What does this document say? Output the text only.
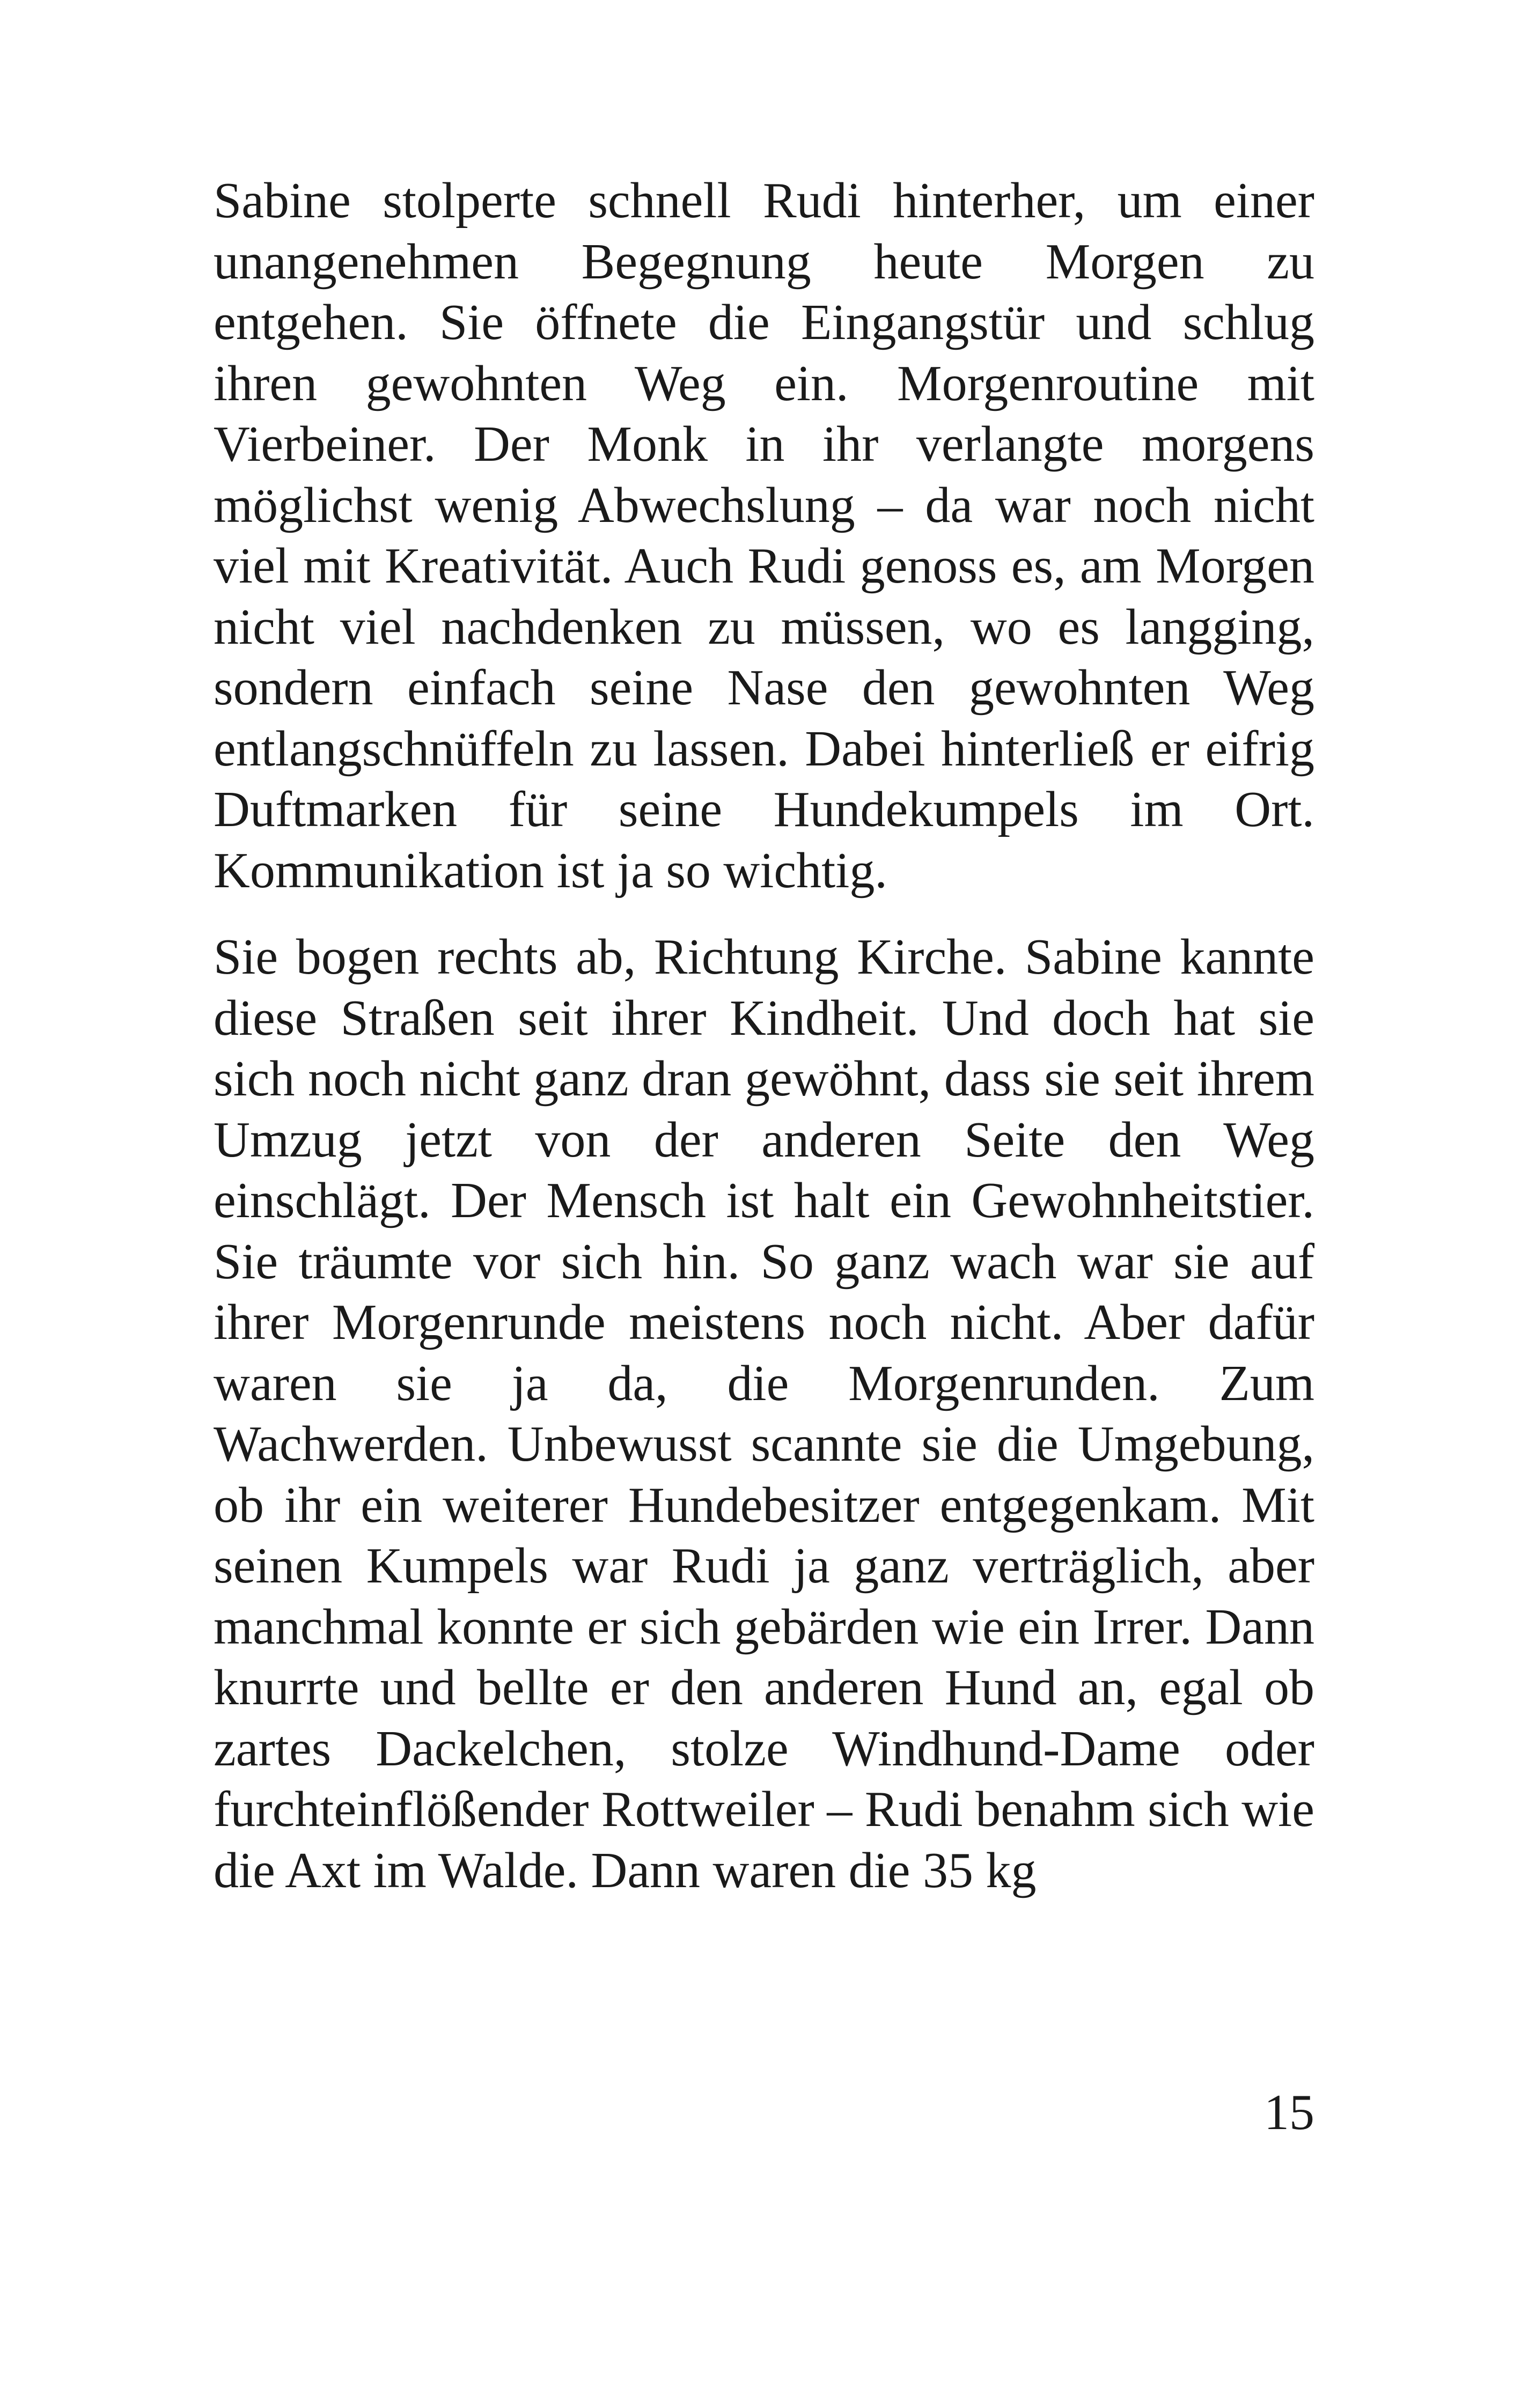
Sabine stolperte schnell Rudi hinterher, um einer unangenehmen Begegnung heute Morgen zu entgehen. Sie öffnete die Eingangstür und schlug ihren gewohnten Weg ein. Morgenroutine mit Vierbeiner. Der Monk in ihr verlangte morgens möglichst wenig Abwechslung – da war noch nicht viel mit Kreativität. Auch Rudi genoss es, am Morgen nicht viel nachdenken zu müssen, wo es langging, sondern einfach seine Nase den gewohnten Weg entlangschnüffeln zu lassen. Dabei hinterließ er eifrig Duftmarken für seine Hundekumpels im Ort. Kommunikation ist ja so wichtig.

Sie bogen rechts ab, Richtung Kirche. Sabine kannte diese Straßen seit ihrer Kindheit. Und doch hat sie sich noch nicht ganz dran gewöhnt, dass sie seit ihrem Umzug jetzt von der anderen Seite den Weg einschlägt. Der Mensch ist halt ein Gewohnheitstier. Sie träumte vor sich hin. So ganz wach war sie auf ihrer Morgenrunde meistens noch nicht. Aber dafür waren sie ja da, die Morgenrunden. Zum Wachwerden. Unbewusst scannte sie die Umgebung, ob ihr ein weiterer Hundebesitzer entgegenkam. Mit seinen Kumpels war Rudi ja ganz verträglich, aber manchmal konnte er sich gebärden wie ein Irrer. Dann knurrte und bellte er den anderen Hund an, egal ob zartes Dackelchen, stolze Windhund-Dame oder furchteinflößender Rottweiler – Rudi benahm sich wie die Axt im Walde. Dann waren die 35 kg

15
